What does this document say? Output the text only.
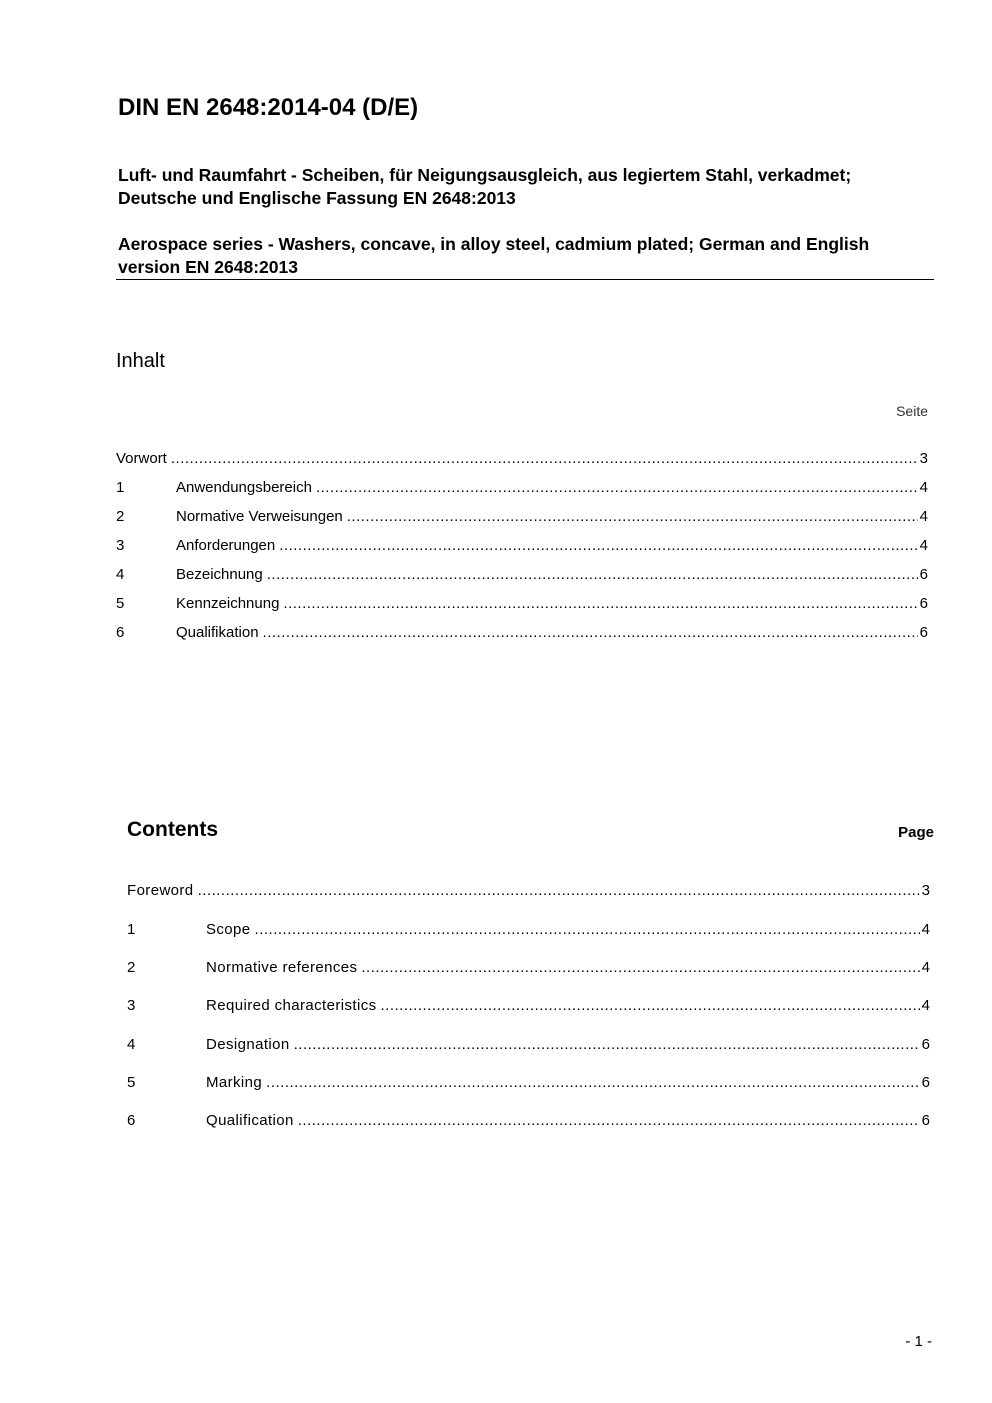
DIN EN 2648:2014-04 (D/E)

Luft- und Raumfahrt - Scheiben, für Neigungsausgleich, aus legiertem Stahl, verkadmet; Deutsche und Englische Fassung EN 2648:2013

Aerospace series - Washers, concave, in alloy steel, cadmium plated; German and English version EN 2648:2013

Inhalt
Seite
Vorwort .....	3
1	Anwendungsbereich .....	4
2	Normative Verweisungen .....	4
3	Anforderungen .....	4
4	Bezeichnung .....	6
5	Kennzeichnung .....	6
6	Qualifikation .....	6
Contents	Page
Foreword .....	3
1	Scope .....	4
2	Normative references .....	4
3	Required characteristics .....	4
4	Designation .....	6
5	Marking .....	6
6	Qualification .....	6
- 1 -
